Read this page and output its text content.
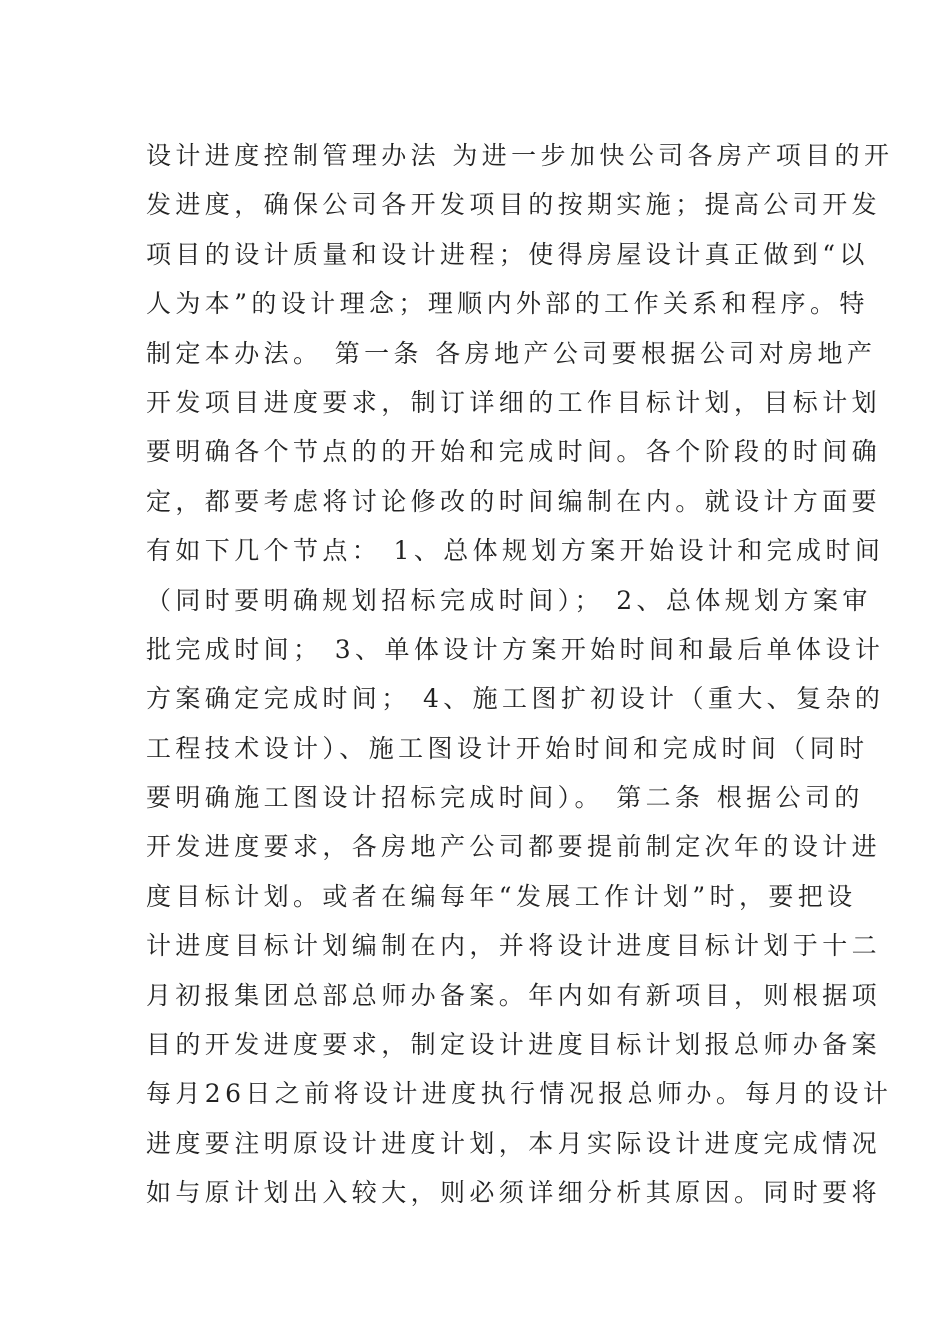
设计进度控制管理办法 为进一步加快公司各房产项目的开
发进度，确保公司各开发项目的按期实施；提高公司开发
项目的设计质量和设计进程；使得房屋设计真正做到“以
人为本”的设计理念；理顺内外部的工作关系和程序。特
制定本办法。 第一条 各房地产公司要根据公司对房地产
开发项目进度要求，制订详细的工作目标计划，目标计划
要明确各个节点的的开始和完成时间。各个阶段的时间确
定，都要考虑将讨论修改的时间编制在内。就设计方面要
有如下几个节点： 1、总体规划方案开始设计和完成时间
（同时要明确规划招标完成时间）； 2、总体规划方案审
批完成时间； 3、单体设计方案开始时间和最后单体设计
方案确定完成时间； 4、施工图扩初设计（重大、复杂的
工程技术设计）、施工图设计开始时间和完成时间（同时
要明确施工图设计招标完成时间）。 第二条 根据公司的
开发进度要求，各房地产公司都要提前制定次年的设计进
度目标计划。或者在编每年“发展工作计划”时，要把设
计进度目标计划编制在内，并将设计进度目标计划于十二
月初报集团总部总师办备案。年内如有新项目，则根据项
目的开发进度要求，制定设计进度目标计划报总师办备案
每月26日之前将设计进度执行情况报总师办。每月的设计
进度要注明原设计进度计划，本月实际设计进度完成情况
如与原计划出入较大，则必须详细分析其原因。同时要将
